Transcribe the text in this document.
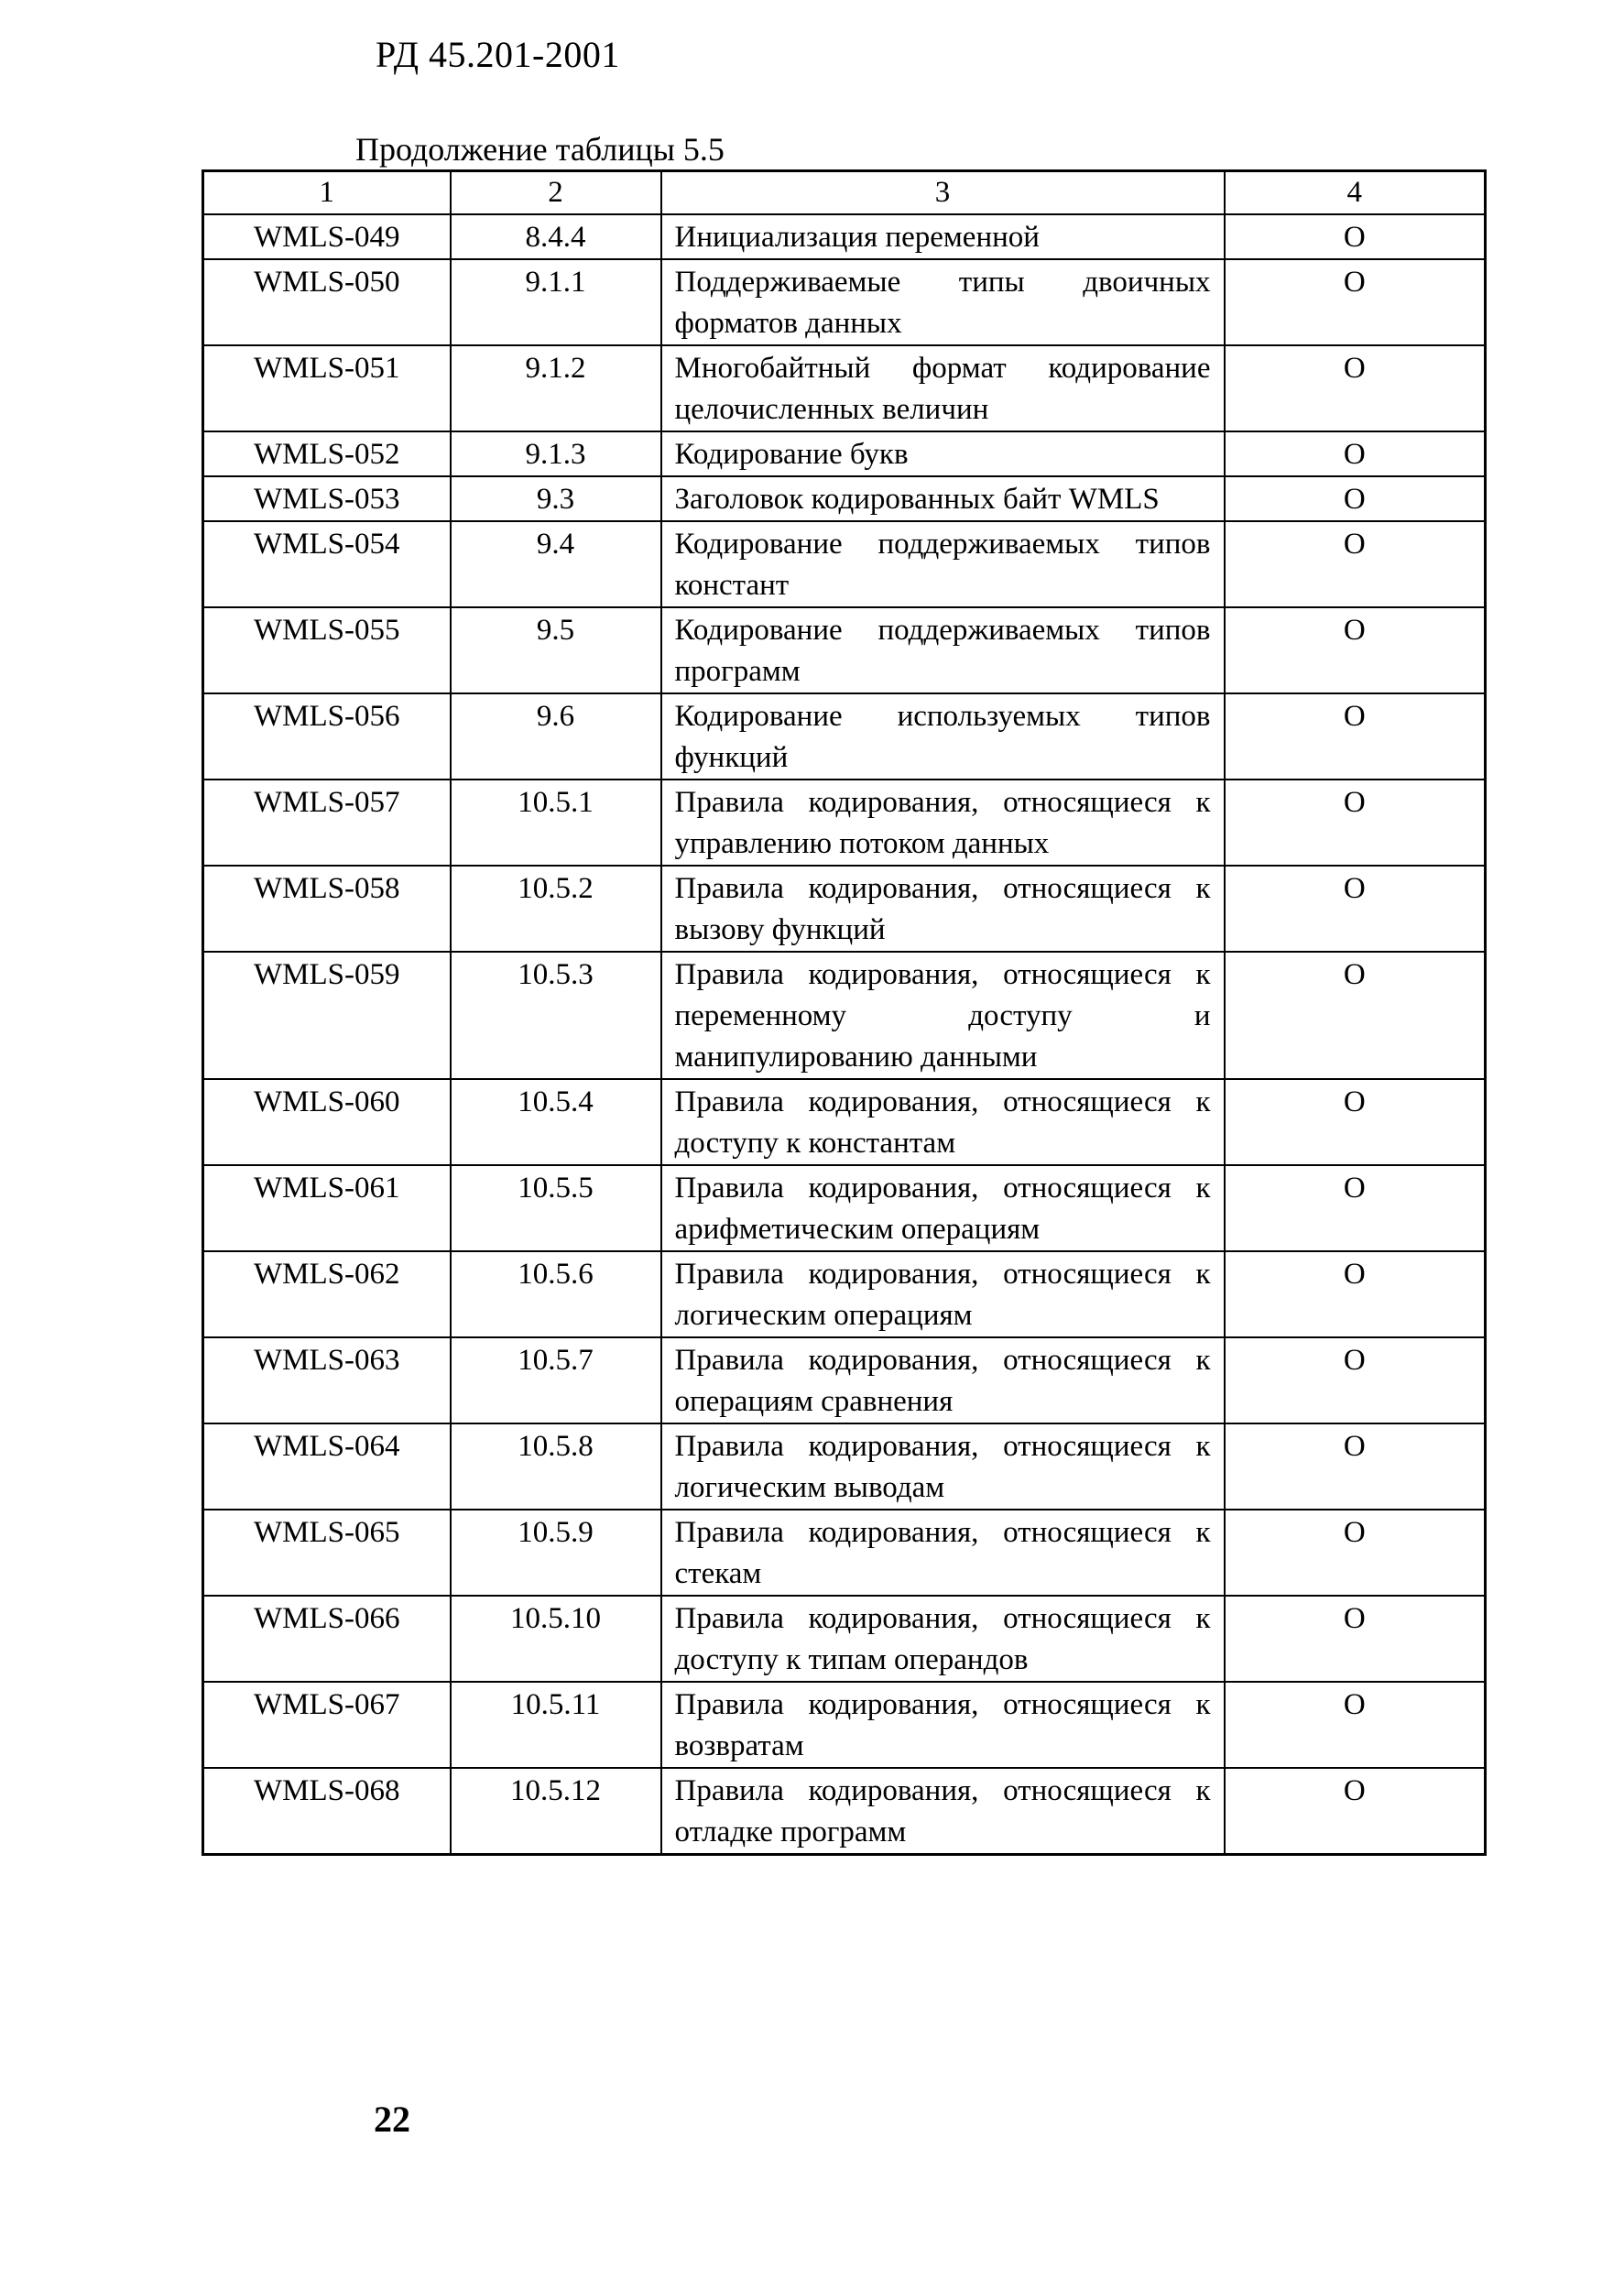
РД 45.201-2001
Продолжение таблицы 5.5
1	2	3	4
WMLS-049	8.4.4	Инициализация переменной	O
WMLS-050	9.1.1	Поддерживаемые типы двоичных форматов данных	O
WMLS-051	9.1.2	Многобайтный формат кодирование целочисленных величин	O
WMLS-052	9.1.3	Кодирование букв	O
WMLS-053	9.3	Заголовок кодированных байт WMLS	O
WMLS-054	9.4	Кодирование поддерживаемых типов констант	O
WMLS-055	9.5	Кодирование поддерживаемых типов программ	O
WMLS-056	9.6	Кодирование используемых типов функций	O
WMLS-057	10.5.1	Правила кодирования, относящиеся к управлению потоком данных	O
WMLS-058	10.5.2	Правила кодирования, относящиеся к вызову функций	O
WMLS-059	10.5.3	Правила кодирования, относящиеся к переменному доступу и манипулированию данными	O
WMLS-060	10.5.4	Правила кодирования, относящиеся к доступу к константам	O
WMLS-061	10.5.5	Правила кодирования, относящиеся к арифметическим операциям	O
WMLS-062	10.5.6	Правила кодирования, относящиеся к логическим операциям	O
WMLS-063	10.5.7	Правила кодирования, относящиеся к операциям сравнения	O
WMLS-064	10.5.8	Правила кодирования, относящиеся к логическим выводам	O
WMLS-065	10.5.9	Правила кодирования, относящиеся к стекам	O
WMLS-066	10.5.10	Правила кодирования, относящиеся к доступу к типам операндов	O
WMLS-067	10.5.11	Правила кодирования, относящиеся к возвратам	O
WMLS-068	10.5.12	Правила кодирования, относящиеся к отладке программ	O
22
